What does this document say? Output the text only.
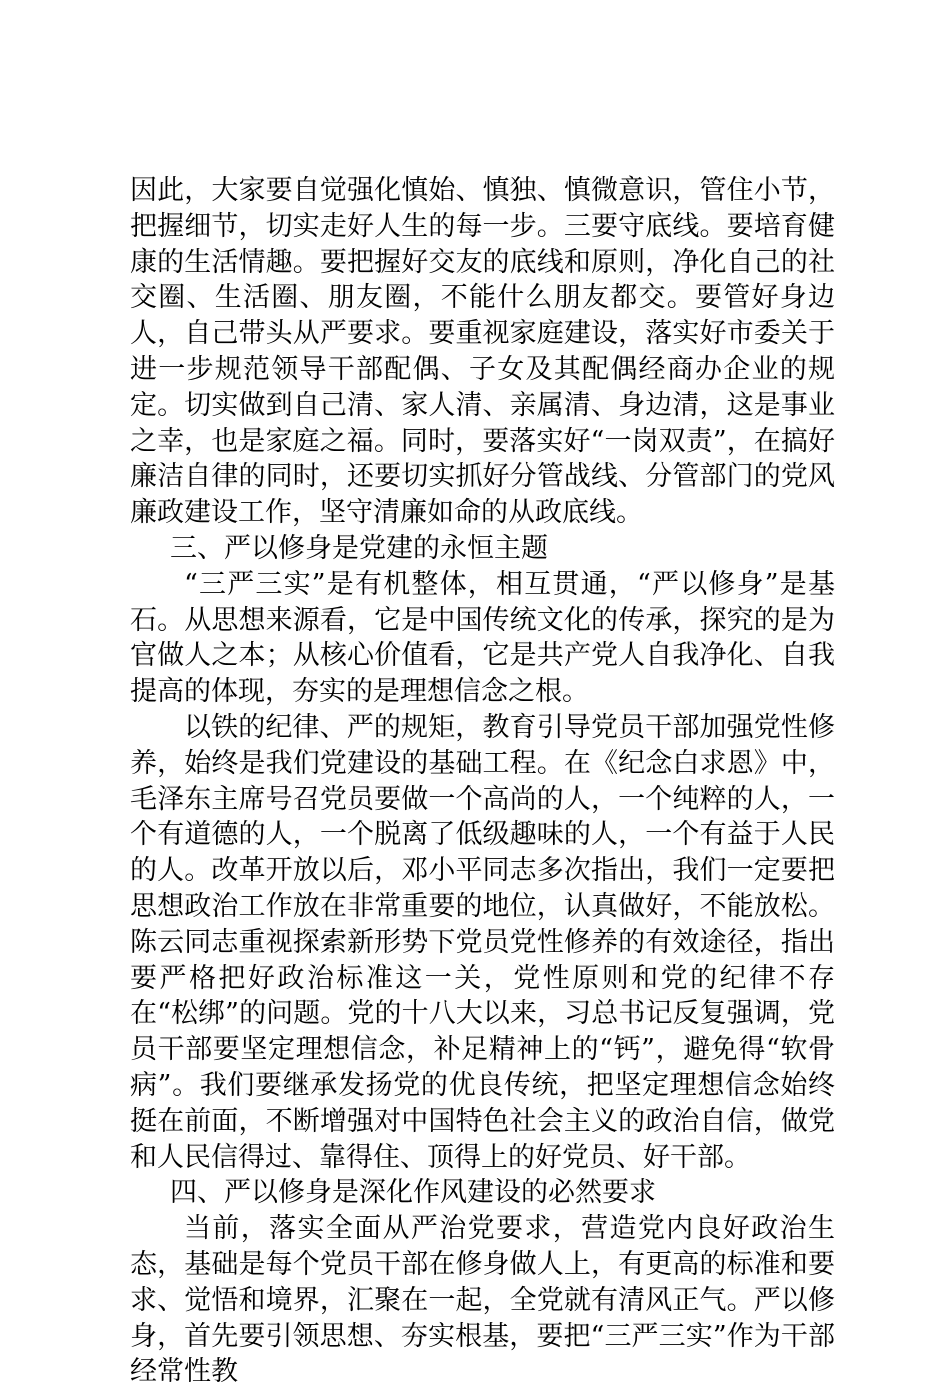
因此，大家要自觉强化慎始、慎独、慎微意识，管住小节，把握细节，切实走好人生的每一步。三要守底线。要培育健康的生活情趣。要把握好交友的底线和原则，净化自己的社交圈、生活圈、朋友圈，不能什么朋友都交。要管好身边人，自己带头从严要求。要重视家庭建设，落实好市委关于进一步规范领导干部配偶、子女及其配偶经商办企业的规定。切实做到自己清、家人清、亲属清、身边清，这是事业之幸，也是家庭之福。同时，要落实好“一岗双责”，在搞好廉洁自律的同时，还要切实抓好分管战线、分管部门的党风廉政建设工作，坚守清廉如命的从政底线。

三、严以修身是党建的永恒主题

“三严三实”是有机整体，相互贯通，“严以修身”是基石。从思想来源看，它是中国传统文化的传承，探究的是为官做人之本；从核心价值看，它是共产党人自我净化、自我提高的体现，夯实的是理想信念之根。

以铁的纪律、严的规矩，教育引导党员干部加强党性修养，始终是我们党建设的基础工程。在《纪念白求恩》中，毛泽东主席号召党员要做一个高尚的人，一个纯粹的人，一个有道德的人，一个脱离了低级趣味的人，一个有益于人民的人。改革开放以后，邓小平同志多次指出，我们一定要把思想政治工作放在非常重要的地位，认真做好，不能放松。陈云同志重视探索新形势下党员党性修养的有效途径，指出要严格把好政治标准这一关，党性原则和党的纪律不存在“松绑”的问题。党的十八大以来，习总书记反复强调，党员干部要坚定理想信念，补足精神上的“钙”，避免得“软骨病”。我们要继承发扬党的优良传统，把坚定理想信念始终挺在前面，不断增强对中国特色社会主义的政治自信，做党和人民信得过、靠得住、顶得上的好党员、好干部。

四、严以修身是深化作风建设的必然要求

当前，落实全面从严治党要求，营造党内良好政治生态，基础是每个党员干部在修身做人上，有更高的标准和要求、觉悟和境界，汇聚在一起，全党就有清风正气。严以修身，首先要引领思想、夯实根基，要把“三严三实”作为干部经常性教
